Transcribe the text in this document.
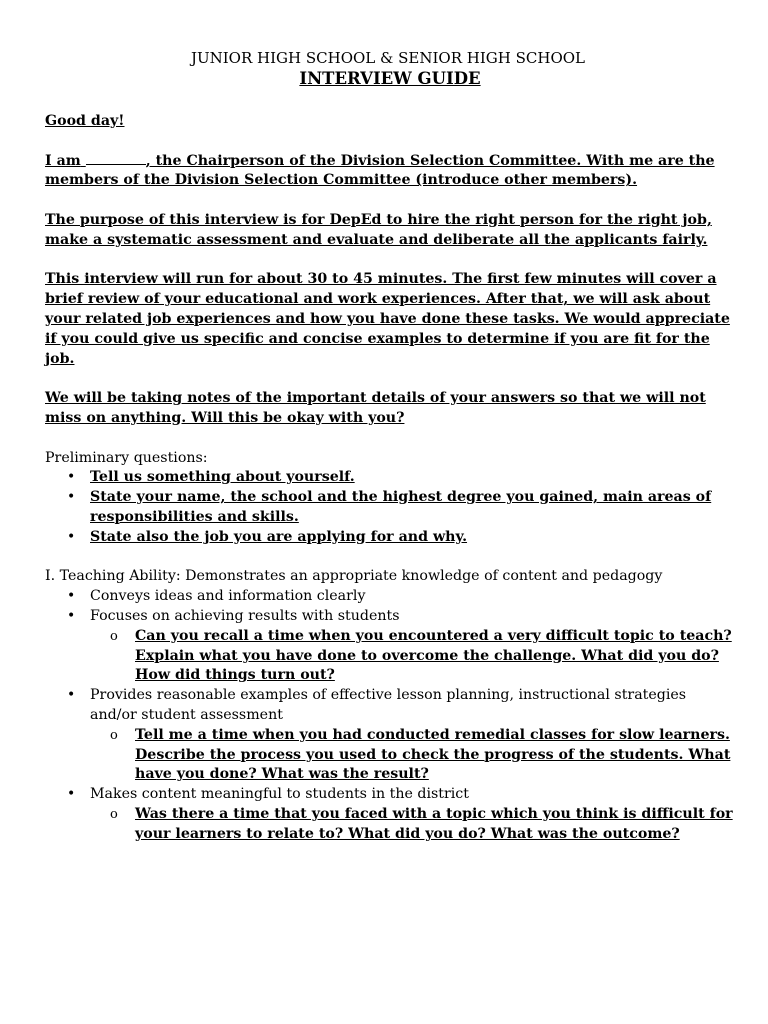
JUNIOR HIGH SCHOOL & SENIOR HIGH SCHOOL
INTERVIEW GUIDE

Good day!

I am	, the Chairperson of the Division Selection Committee. With me are the members of the Division Selection Committee (introduce other members).

The purpose of this interview is for DepEd to hire the right person for the right job, make a systematic assessment and evaluate and deliberate all the applicants fairly.

This interview will run for about 30 to 45 minutes. The first few minutes will cover a brief review of your educational and work experiences. After that, we will ask about your related job experiences and how you have done these tasks. We would appreciate if you could give us specific and concise examples to determine if you are fit for the job.

We will be taking notes of the important details of your answers so that we will not miss on anything. Will this be okay with you?

Preliminary questions:

• Tell us something about yourself.
• State your name, the school and the highest degree you gained, main areas of responsibilities and skills.
• State also the job you are applying for and why.

I. Teaching Ability: Demonstrates an appropriate knowledge of content and pedagogy

• Conveys ideas and information clearly
• Focuses on achieving results with students
o Can you recall a time when you encountered a very difficult topic to teach? Explain what you have done to overcome the challenge. What did you do? How did things turn out?
• Provides reasonable examples of effective lesson planning, instructional strategies and/or student assessment
o Tell me a time when you had conducted remedial classes for slow learners. Describe the process you used to check the progress of the students. What have you done? What was the result?
• Makes content meaningful to students in the district
o Was there a time that you faced with a topic which you think is difficult for your learners to relate to? What did you do? What was the outcome?
